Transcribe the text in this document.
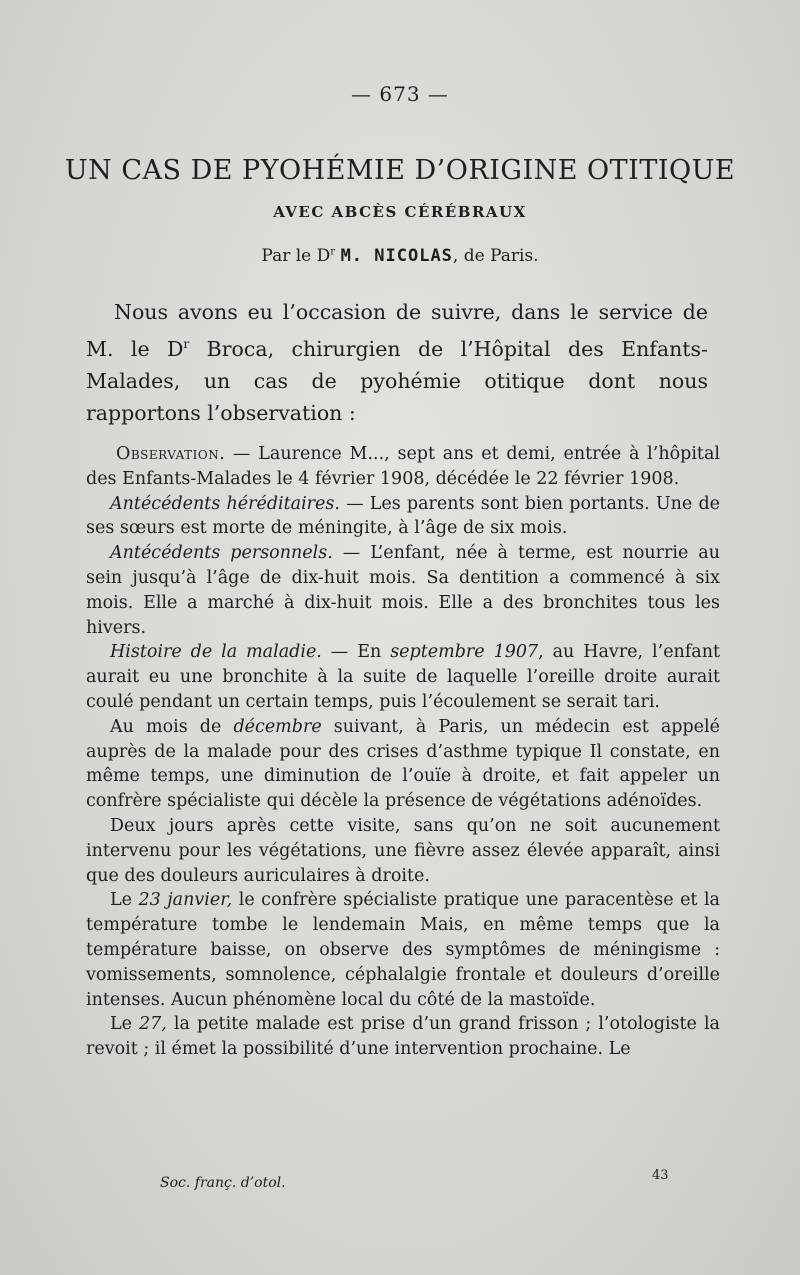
— 673 —
UN CAS DE PYOHÉMIE D’ORIGINE OTITIQUE
AVEC ABCÈS CÉRÉBRAUX
Par le $D^r$ M. NICOLAS, de Paris.
Nous avons eu l’occasion de suivre, dans le service de M. le $D^r$ Broca, chirurgien de l’Hôpital des Enfants-Malades, un cas de pyohémie otitique dont nous rapportons l’observation :

Observation. — Laurence M..., sept ans et demi, entrée à l’hôpital des Enfants-Malades le 4 février 1908, décédée le 22 février 1908.

Antécédents héréditaires. — Les parents sont bien portants. Une de ses sœurs est morte de méningite, à l’âge de six mois.

Antécédents personnels. — L’enfant, née à terme, est nourrie au sein jusqu’à l’âge de dix-huit mois. Sa dentition a commencé à six mois. Elle a marché à dix-huit mois. Elle a des bronchites tous les hivers.

Histoire de la maladie. — En septembre 1907, au Havre, l’enfant aurait eu une bronchite à la suite de laquelle l’oreille droite aurait coulé pendant un certain temps, puis l’écoulement se serait tari.

Au mois de décembre suivant, à Paris, un médecin est appelé auprès de la malade pour des crises d’asthme typique Il constate, en même temps, une diminution de l’ouïe à droite, et fait appeler un confrère spécialiste qui décèle la présence de végétations adénoïdes.

Deux jours après cette visite, sans qu’on ne soit aucunement intervenu pour les végétations, une fièvre assez élevée apparaît, ainsi que des douleurs auriculaires à droite.

Le 23 janvier, le confrère spécialiste pratique une paracentèse et la température tombe le lendemain Mais, en même temps que la température baisse, on observe des symptômes de méningisme : vomissements, somnolence, céphalalgie frontale et douleurs d’oreille intenses. Aucun phénomène local du côté de la mastoïde.

Le 27, la petite malade est prise d’un grand frisson ; l’otologiste la revoit ; il émet la possibilité d’une intervention prochaine. Le

Soc. franç. d’otol.	43
